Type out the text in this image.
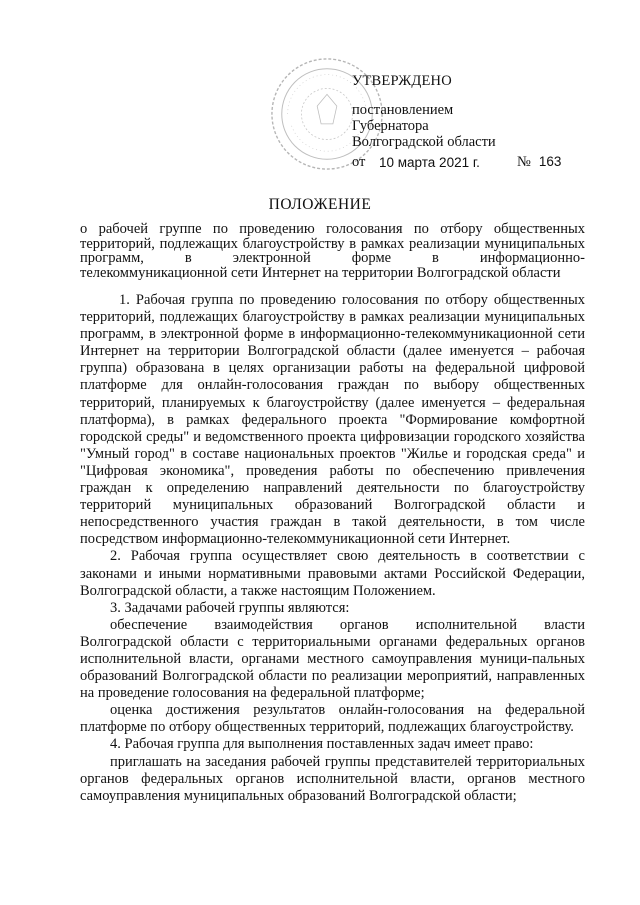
УТВЕРЖДЕНО
постановлением
Губернатора
Волгоградской области
от 10 марта 2021 г.	№ 163
ПОЛОЖЕНИЕ
о рабочей группе по проведению голосования по отбору общественных территорий, подлежащих благоустройству в рамках реализации муниципальных программ, в электронной форме в информационно-
телекоммуникационной сети Интернет на территории Волгоградской области

1. Рабочая группа по проведению голосования по отбору общественных территорий, подлежащих благоустройству в рамках реализации муниципальных программ, в электронной форме в информационно-телекоммуникационной сети Интернет на территории Волгоградской области (далее именуется – рабочая группа) образована в целях организации работы на федеральной цифровой платформе для онлайн-голосования граждан по выбору общественных территорий, планируемых к благоустройству (далее именуется – федеральная платформа), в рамках федерального проекта "Формирование комфортной городской среды" и ведомственного проекта цифровизации городского хозяйства "Умный город" в составе национальных проектов "Жилье и городская среда" и "Цифровая экономика", проведения работы по обеспечению привлечения граждан к определению направлений деятельности по благоустройству территорий муниципальных образований Волгоградской области и непосредственного участия граждан в такой деятельности, в том числе посредством информационно-телекоммуникационной сети Интернет.

2. Рабочая группа осуществляет свою деятельность в соответствии с законами и иными нормативными правовыми актами Российской Федерации, Волгоградской области, а также настоящим Положением.

3. Задачами рабочей группы являются:

обеспечение взаимодействия органов исполнительной власти Волгоградской области с территориальными органами федеральных органов исполнительной власти, органами местного самоуправления муници-пальных образований Волгоградской области по реализации мероприятий, направленных на проведение голосования на федеральной платформе;

оценка достижения результатов онлайн-голосования на федеральной платформе по отбору общественных территорий, подлежащих благоустройству.

4. Рабочая группа для выполнения поставленных задач имеет право:

приглашать на заседания рабочей группы представителей территориальных органов федеральных органов исполнительной власти, органов местного самоуправления муниципальных образований Волгоградской области;
